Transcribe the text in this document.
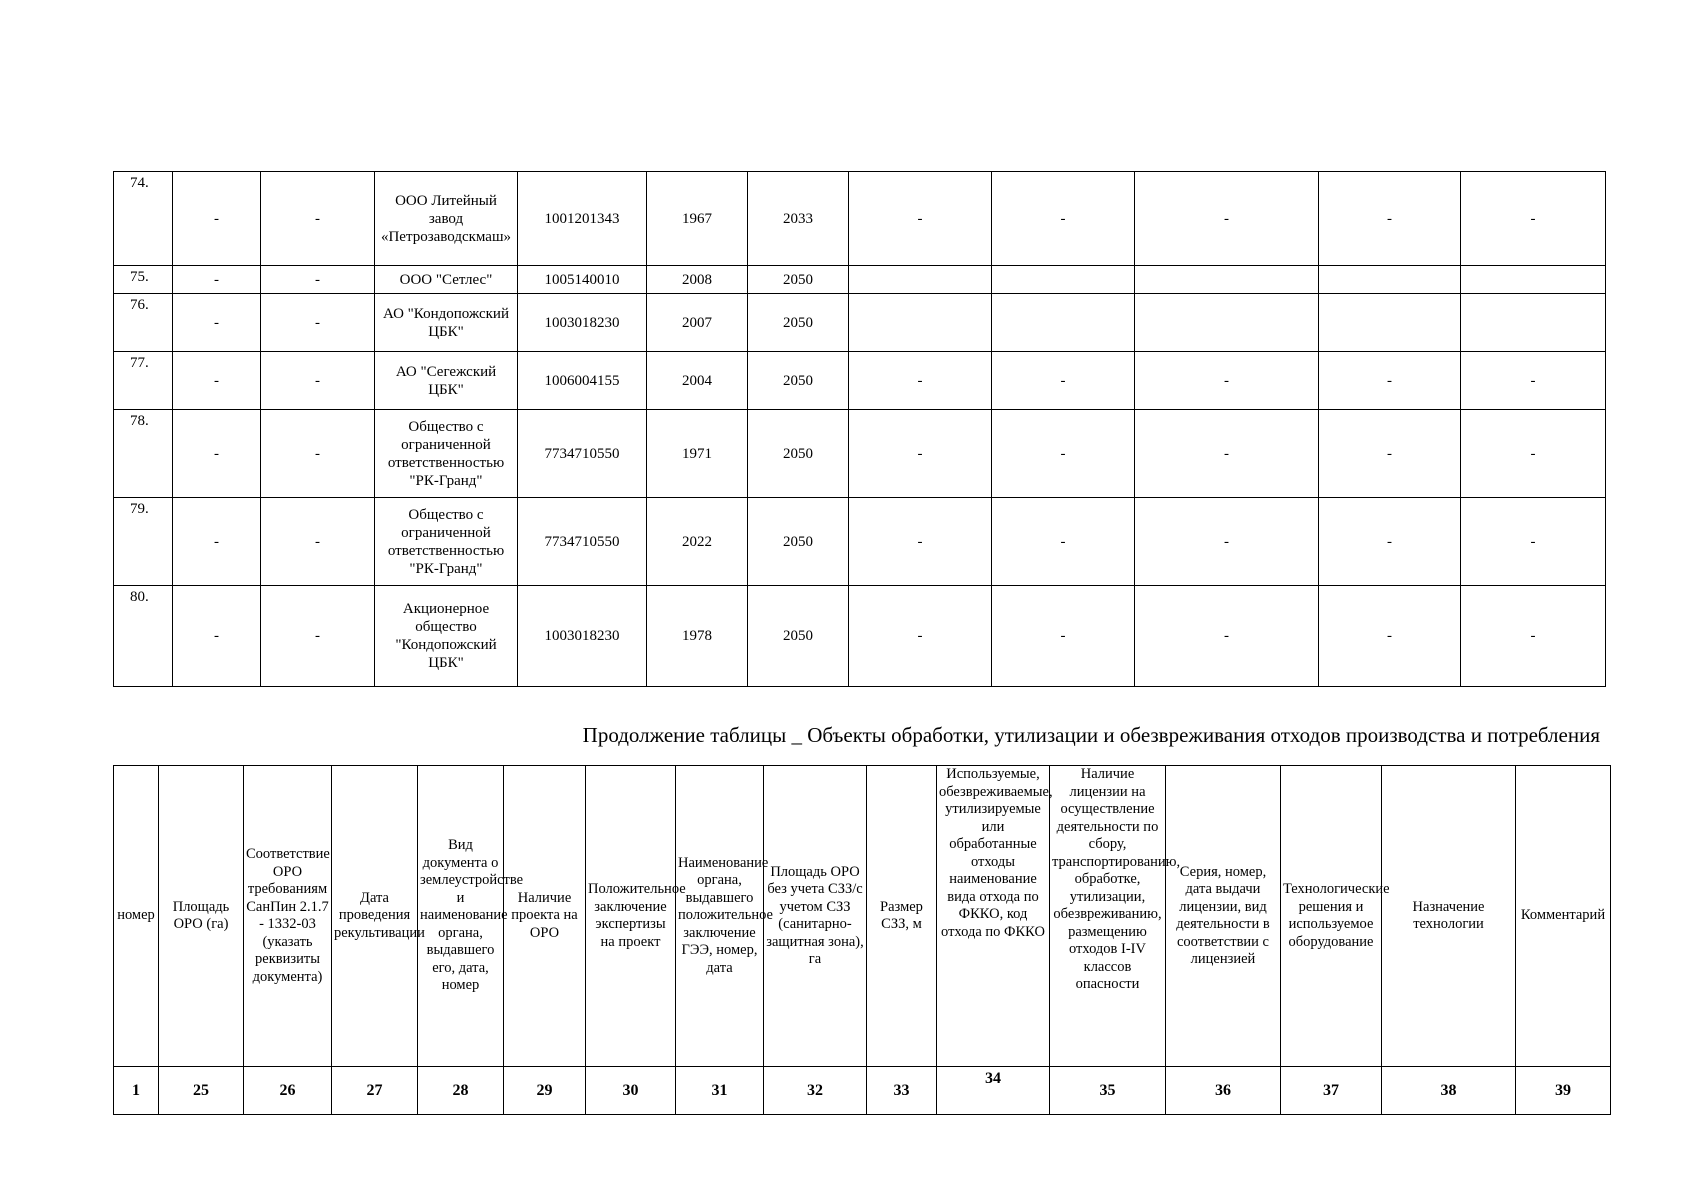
74.	-	-	ООО Литейный завод «Петрозаводскмаш»	1001201343	1967	2033	-	-	-	-	-
75.	-	-	ООО "Сетлес"	1005140010	2008	2050					
76.	-	-	АО "Кондопожский ЦБК"	1003018230	2007	2050					
77.	-	-	АО "Сегежский ЦБК"	1006004155	2004	2050	-	-	-	-	-
78.	-	-	Общество с ограниченной ответственностью "РК-Гранд"	7734710550	1971	2050	-	-	-	-	-
79.	-	-	Общество с ограниченной ответственностью "РК-Гранд"	7734710550	2022	2050	-	-	-	-	-
80.	-	-	Акционерное общество "Кондопожский ЦБК"	1003018230	1978	2050	-	-	-	-	-
Продолжение таблицы _ Объекты обработки, утилизации и обезвреживания отходов производства и потребления
номер	Площадь ОРО (га)	Соответствие ОРО требованиям СанПин 2.1.7 - 1332-03 (указать реквизиты документа)	Дата проведения рекультивации	Вид документа о землеустройстве и наименование органа, выдавшего его, дата, номер	Наличие проекта на ОРО	Положительное заключение экспертизы на проект	Наименование органа, выдавшего положительное заключение ГЭЭ, номер, дата	Площадь ОРО без учета СЗЗ/с учетом СЗЗ (санитарно-защитная зона), га	Размер СЗЗ, м	Используемые, обезвреживаемые, утилизируемые или обработанные отходы наименование вида отхода по ФККО, код отхода по ФККО	Наличие лицензии на осуществление деятельности по сбору, транспортированию, обработке, утилизации, обезвреживанию, размещению отходов I-IV классов опасности	Серия, номер, дата выдачи лицензии, вид деятельности в соответствии с лицензией	Технологические решения и используемое оборудование	Назначение технологии	Комментарий
1	25	26	27	28	29	30	31	32	33	34	35	36	37	38	39
